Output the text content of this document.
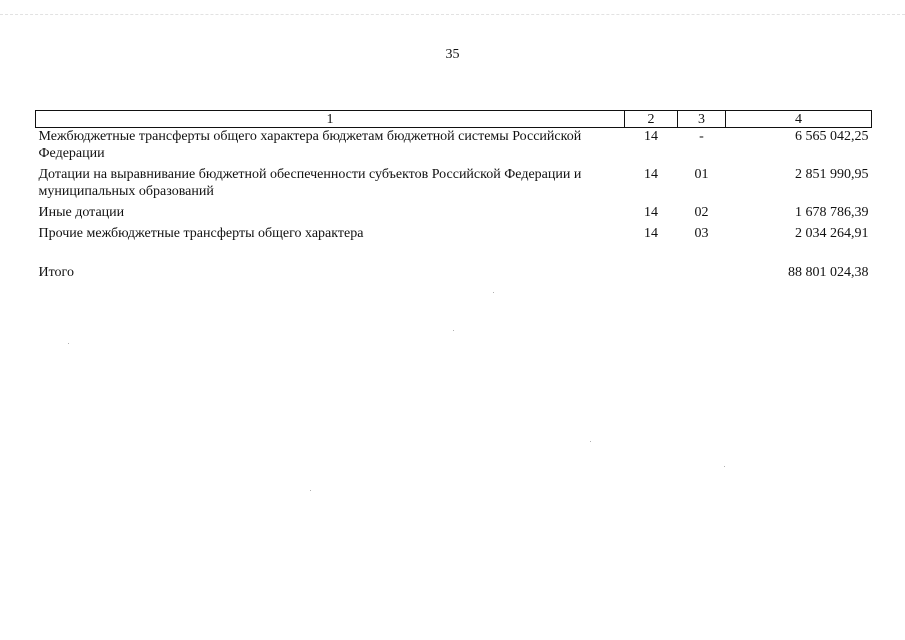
35
1	2	3	4
Межбюджетные трансферты общего характера бюджетам бюджетной системы Российской Федерации	14	-	6 565 042,25
Дотации на выравнивание бюджетной обеспеченности субъектов Российской Федерации и муниципальных образований	14	01	2 851 990,95
Иные дотации	14	02	1 678 786,39
Прочие межбюджетные трансферты общего характера	14	03	2 034 264,91

Итого			88 801 024,38
